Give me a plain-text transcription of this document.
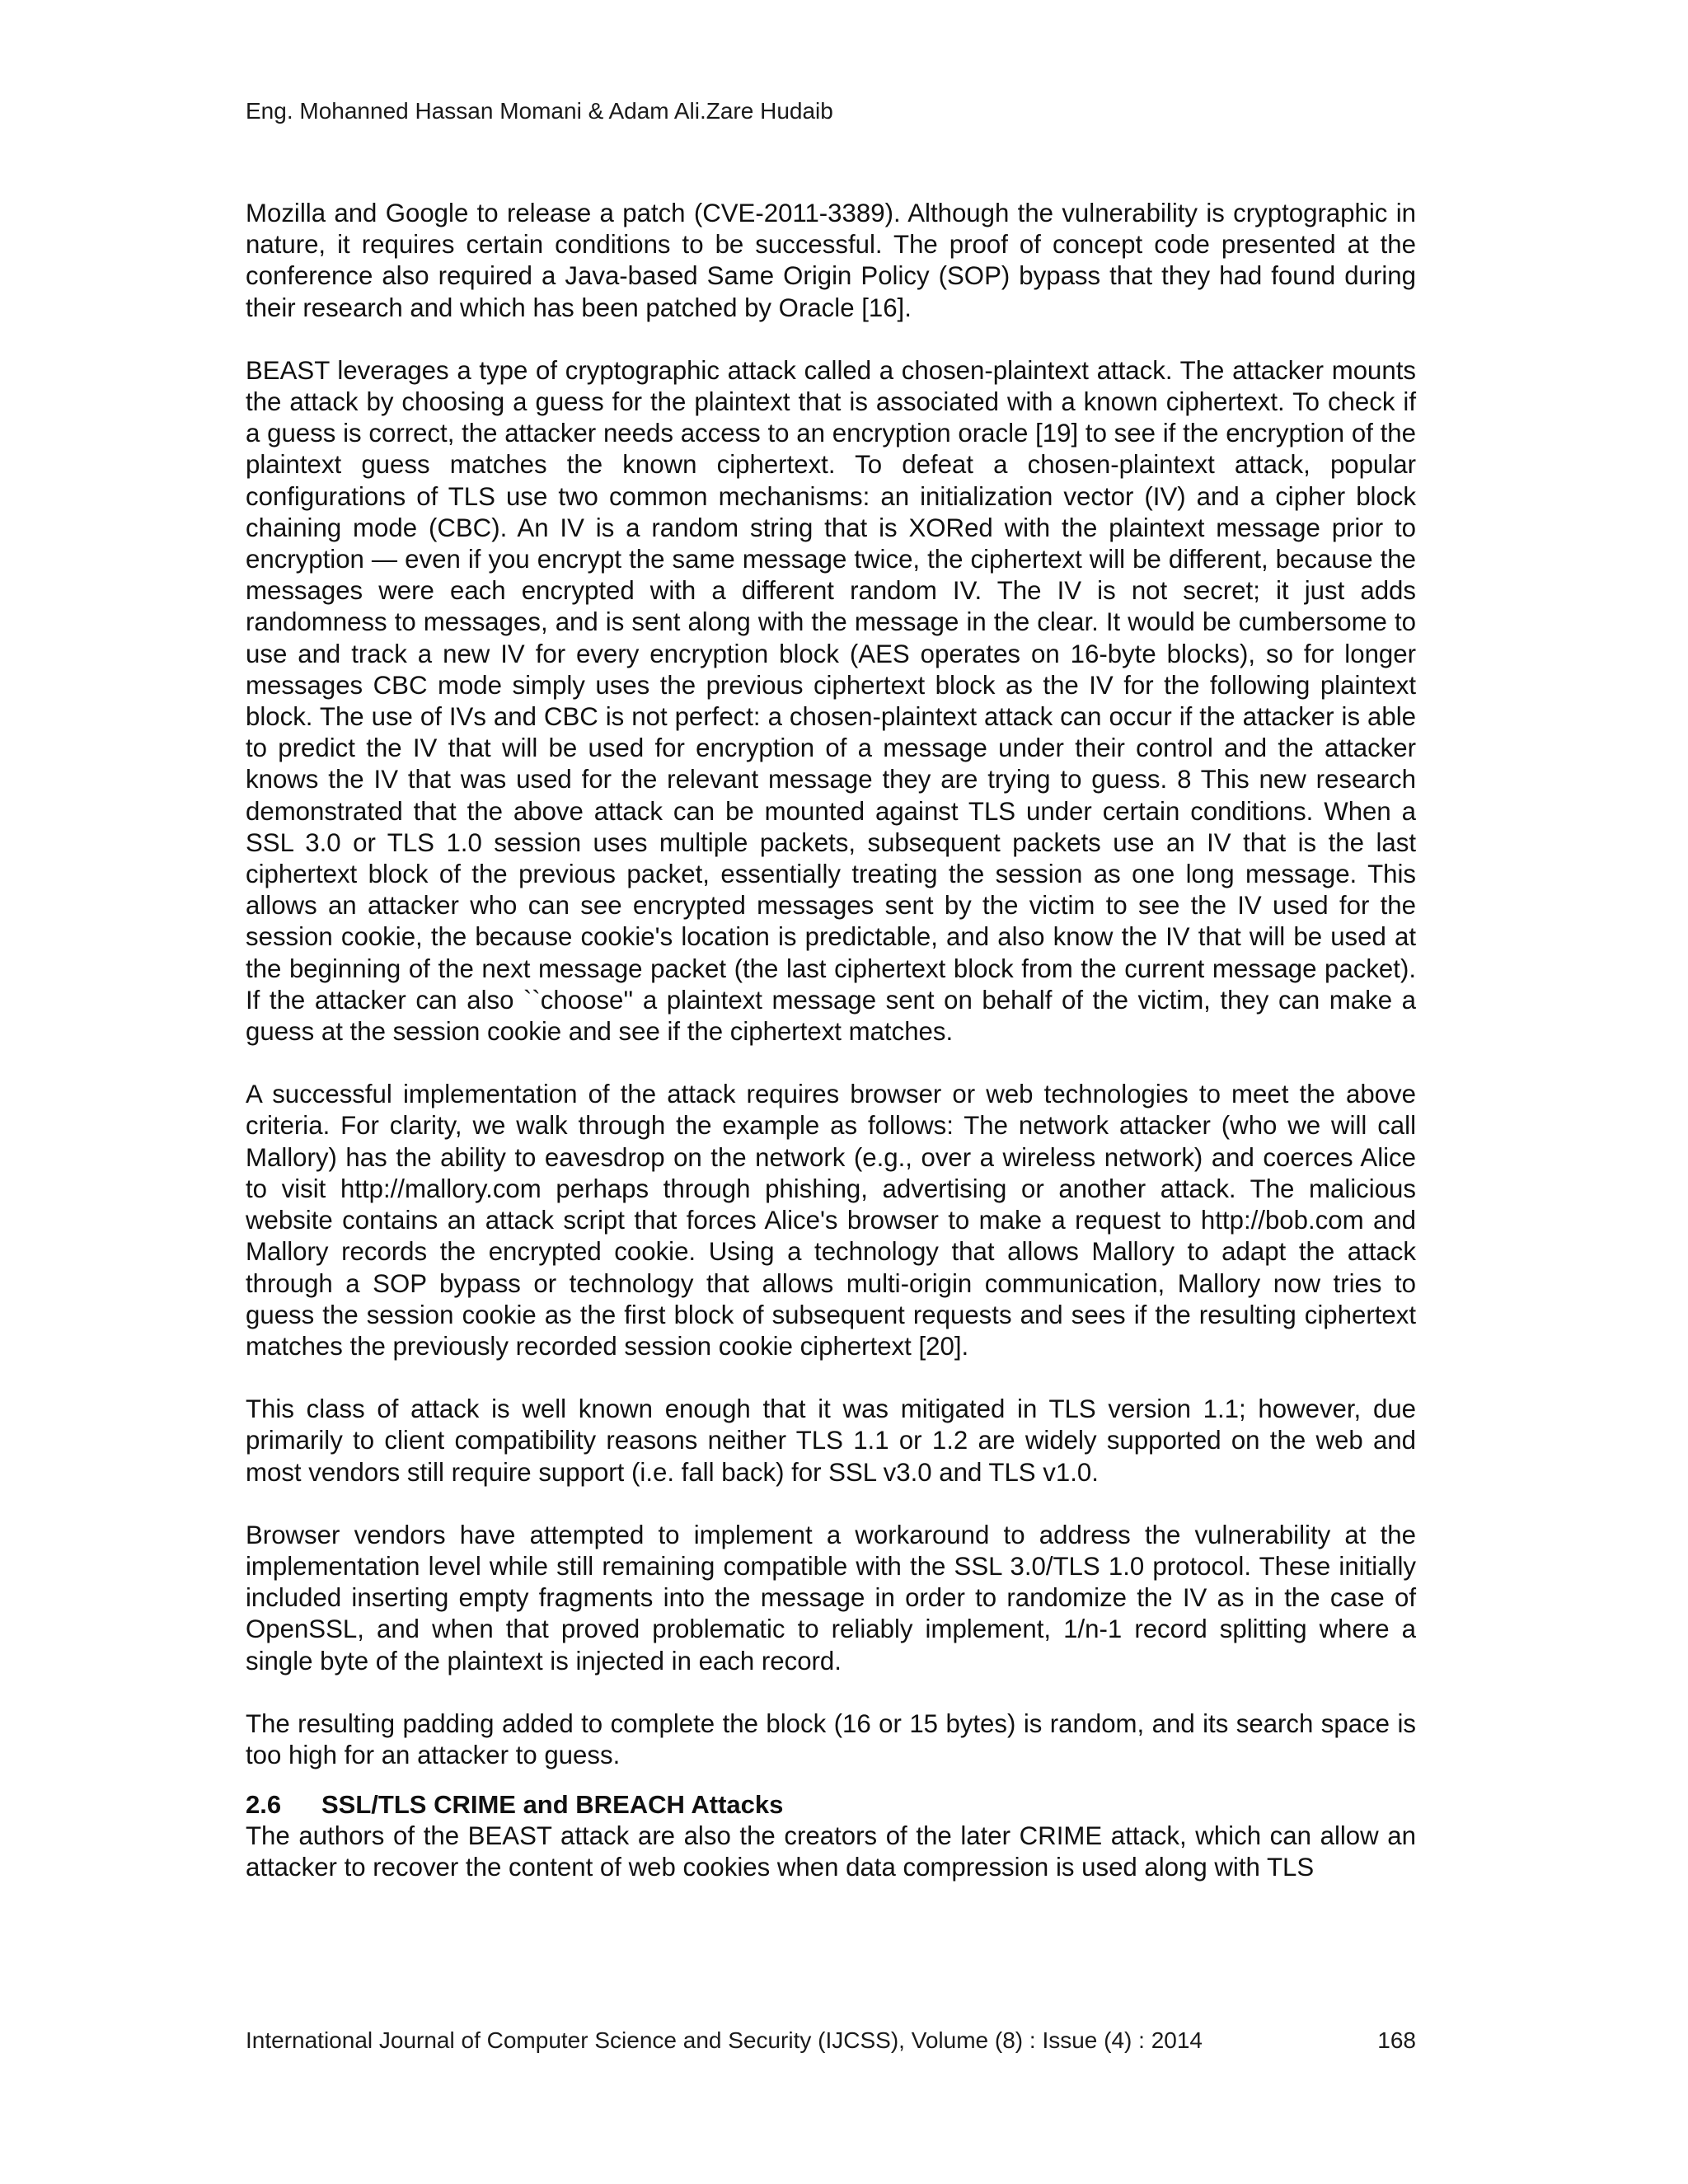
Eng. Mohanned Hassan Momani & Adam Ali.Zare Hudaib

Mozilla and Google to release a patch (CVE-2011-3389). Although the vulnerability is cryptographic in nature, it requires certain conditions to be successful. The proof of concept code presented at the conference also required a Java-based Same Origin Policy (SOP) bypass that they had found during their research and which has been patched by Oracle [16].

BEAST leverages a type of cryptographic attack called a chosen-plaintext attack. The attacker mounts the attack by choosing a guess for the plaintext that is associated with a known ciphertext. To check if a guess is correct, the attacker needs access to an encryption oracle [19] to see if the encryption of the plaintext guess matches the known ciphertext. To defeat a chosen-plaintext attack, popular configurations of TLS use two common mechanisms: an initialization vector (IV) and a cipher block chaining mode (CBC). An IV is a random string that is XORed with the plaintext message prior to encryption — even if you encrypt the same message twice, the ciphertext will be different, because the messages were each encrypted with a different random IV. The IV is not secret; it just adds randomness to messages, and is sent along with the message in the clear. It would be cumbersome to use and track a new IV for every encryption block (AES operates on 16-byte blocks), so for longer messages CBC mode simply uses the previous ciphertext block as the IV for the following plaintext block. The use of IVs and CBC is not perfect: a chosen-plaintext attack can occur if the attacker is able to predict the IV that will be used for encryption of a message under their control and the attacker knows the IV that was used for the relevant message they are trying to guess. 8 This new research demonstrated that the above attack can be mounted against TLS under certain conditions. When a SSL 3.0 or TLS 1.0 session uses multiple packets, subsequent packets use an IV that is the last ciphertext block of the previous packet, essentially treating the session as one long message. This allows an attacker who can see encrypted messages sent by the victim to see the IV used for the session cookie, the because cookie's location is predictable, and also know the IV that will be used at the beginning of the next message packet (the last ciphertext block from the current message packet). If the attacker can also ``choose'' a plaintext message sent on behalf of the victim, they can make a guess at the session cookie and see if the ciphertext matches.

A successful implementation of the attack requires browser or web technologies to meet the above criteria. For clarity, we walk through the example as follows: The network attacker (who we will call Mallory) has the ability to eavesdrop on the network (e.g., over a wireless network) and coerces Alice to visit http://mallory.com perhaps through phishing, advertising or another attack. The malicious website contains an attack script that forces Alice's browser to make a request to http://bob.com and Mallory records the encrypted cookie. Using a technology that allows Mallory to adapt the attack through a SOP bypass or technology that allows multi-origin communication, Mallory now tries to guess the session cookie as the first block of subsequent requests and sees if the resulting ciphertext matches the previously recorded session cookie ciphertext [20].

This class of attack is well known enough that it was mitigated in TLS version 1.1; however, due primarily to client compatibility reasons neither TLS 1.1 or 1.2 are widely supported on the web and most vendors still require support (i.e. fall back) for SSL v3.0 and TLS v1.0.

Browser vendors have attempted to implement a workaround to address the vulnerability at the implementation level while still remaining compatible with the SSL 3.0/TLS 1.0 protocol. These initially included inserting empty fragments into the message in order to randomize the IV as in the case of OpenSSL, and when that proved problematic to reliably implement, 1/n-1 record splitting where a single byte of the plaintext is injected in each record.

The resulting padding added to complete the block (16 or 15 bytes) is random, and its search space is too high for an attacker to guess.

2.6 SSL/TLS CRIME and BREACH Attacks

The authors of the BEAST attack are also the creators of the later CRIME attack, which can allow an attacker to recover the content of web cookies when data compression is used along with TLS

International Journal of Computer Science and Security (IJCSS), Volume (8) : Issue (4) : 2014	168
